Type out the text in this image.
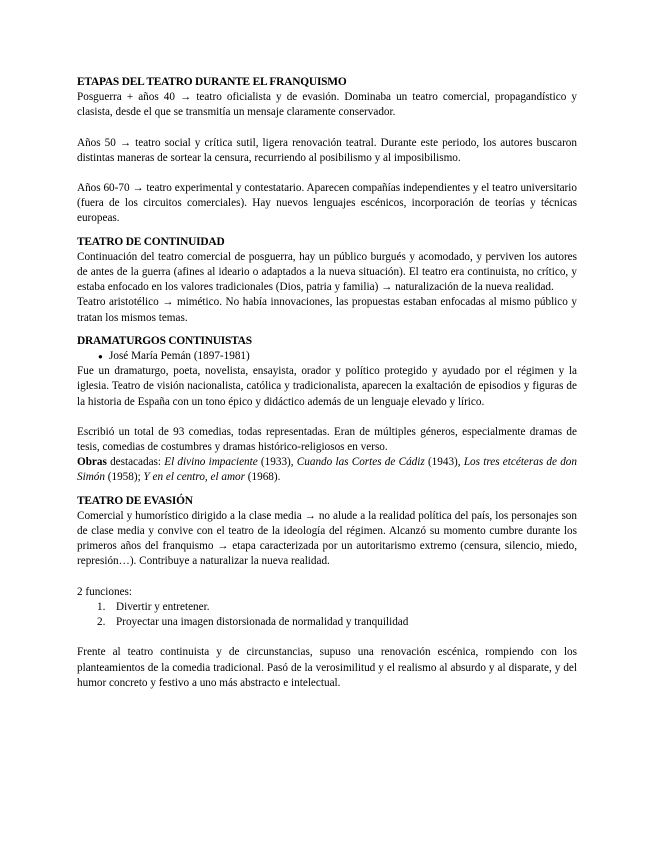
ETAPAS DEL TEATRO DURANTE EL FRANQUISMO

Posguerra + años 40 → teatro oficialista y de evasión. Dominaba un teatro comercial, propagandístico y clasista, desde el que se transmitía un mensaje claramente conservador.

Años 50 → teatro social y crítica sutil, ligera renovación teatral. Durante este periodo, los autores buscaron distintas maneras de sortear la censura, recurriendo al posibilismo y al imposibilismo.

Años 60-70 → teatro experimental y contestatario. Aparecen compañías independientes y el teatro universitario (fuera de los circuitos comerciales). Hay nuevos lenguajes escénicos, incorporación de teorías y técnicas europeas.

TEATRO DE CONTINUIDAD

Continuación del teatro comercial de posguerra, hay un público burgués y acomodado, y perviven los autores de antes de la guerra (afines al ideario o adaptados a la nueva situación). El teatro era continuista, no crítico, y estaba enfocado en los valores tradicionales (Dios, patria y familia) → naturalización de la nueva realidad.

Teatro aristotélico → mimético. No había innovaciones, las propuestas estaban enfocadas al mismo público y tratan los mismos temas.

DRAMATURGOS CONTINUISTAS
● José María Pemán (1897-1981)

Fue un dramaturgo, poeta, novelista, ensayista, orador y político protegido y ayudado por el régimen y la iglesia. Teatro de visión nacionalista, católica y tradicionalista, aparecen la exaltación de episodios y figuras de la historia de España con un tono épico y didáctico además de un lenguaje elevado y lírico.

Escribió un total de 93 comedias, todas representadas. Eran de múltiples géneros, especialmente dramas de tesis, comedias de costumbres y dramas histórico-religiosos en verso.

Obras destacadas: El divino impaciente (1933), Cuando las Cortes de Cádiz (1943), Los tres etcéteras de don Simón (1958); Y en el centro, el amor (1968).

TEATRO DE EVASIÓN

Comercial y humorístico dirigido a la clase media → no alude a la realidad política del país, los personajes son de clase media y convive con el teatro de la ideología del régimen. Alcanzó su momento cumbre durante los primeros años del franquismo → etapa caracterizada por un autoritarismo extremo (censura, silencio, miedo, represión…). Contribuye a naturalizar la nueva realidad.

2 funciones:

1. Divertir y entretener.
2. Proyectar una imagen distorsionada de normalidad y tranquilidad

Frente al teatro continuista y de circunstancias, supuso una renovación escénica, rompiendo con los planteamientos de la comedia tradicional. Pasó de la verosimilitud y el realismo al absurdo y al disparate, y del humor concreto y festivo a uno más abstracto e intelectual.
